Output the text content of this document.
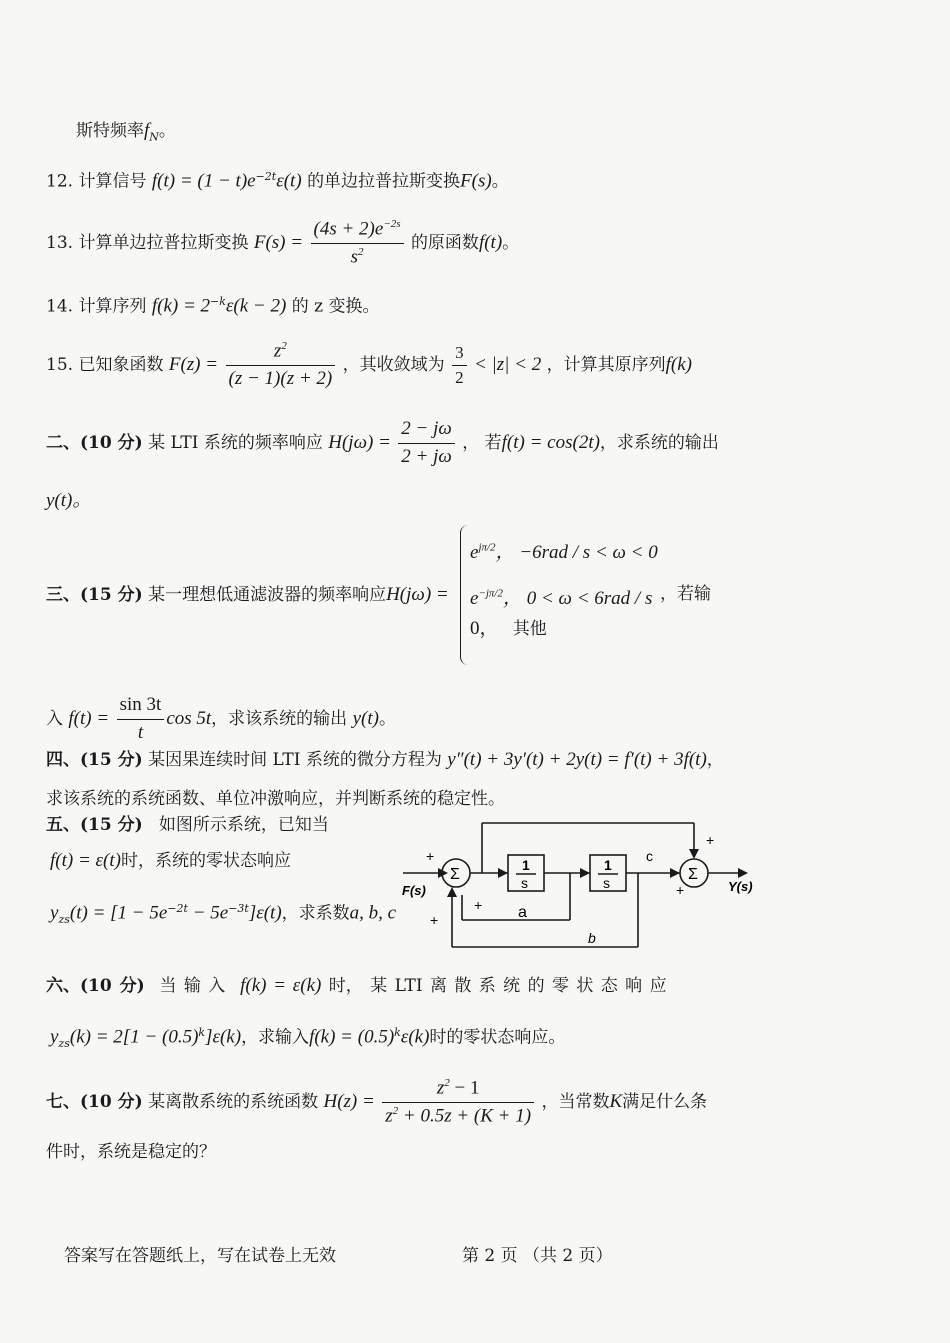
斯特频率$f_N$。
12. 计算信号 $f(t) = (1 - t)e^{-2t}\varepsilon(t)$ 的单边拉普拉斯变换F(s)。
13. 计算单边拉普拉斯变换 $F(s) = \frac{(4s + 2)e^{-2s}}{s^2}$ 的原函数f(t)。
14. 计算序列 $f(k) = 2^{-k}\varepsilon(k - 2)$ 的 z 变换。
15. 已知象函数 $F(z) = \frac{z^2}{(z - 1)(z + 2)}$ ，其收敛域为 $\frac{3}{2} < |z| < 2$ ，计算其原序列f(k)
二、(10 分) 某 LTI 系统的频率响应 $H(j\omega) = \frac{2 - j\omega}{2 + j\omega}$ ， 若f(t) = cos(2t)，求系统的输出
y(t)。
三、(15 分) 某一理想低通滤波器的频率响应H(jω) =
$e^{j\pi/2}$， −6rad / s < ω < 0
$e^{-j\pi/2}$， 0 < ω < 6rad / s
0， 其他
，若输
入 $f(t) = \frac{\sin 3t}{t}$ cos 5t，求该系统的输出 y(t)。
四、(15 分) 某因果连续时间 LTI 系统的微分方程为 y″(t) + 3y′(t) + 2y(t) = f′(t) + 3f(t)，
求该系统的系统函数、单位冲激响应，并判断系统的稳定性。
五、(15 分) 如图所示系统，已知当
f(t) = ε(t)时，系统的零状态响应
$y_{zs}(t) = [1 - 5e^{-2t} - 5e^{-3t}]\varepsilon(t)$，求系数a, b, c
Σ	Σ
1
s
1
s
F(s)	Y(s)
a
b
c
+
+
+
+
+
六、(10 分) 当 输 入 f(k) = ε(k) 时， 某 LTI 离 散 系 统 的 零 状 态 响 应
$y_{zs}(k) = 2[1 - (0.5)^k]\varepsilon(k)$，求输入$f(k) = (0.5)^k\varepsilon(k)$时的零状态响应。
七、(10 分) 某离散系统的系统函数 $H(z) = \frac{z^2 - 1}{z^2 + 0.5z + (K + 1)}$ ，当常数K满足什么条
件时，系统是稳定的？
答案写在答题纸上，写在试卷上无效	第 2 页 （共 2 页）
